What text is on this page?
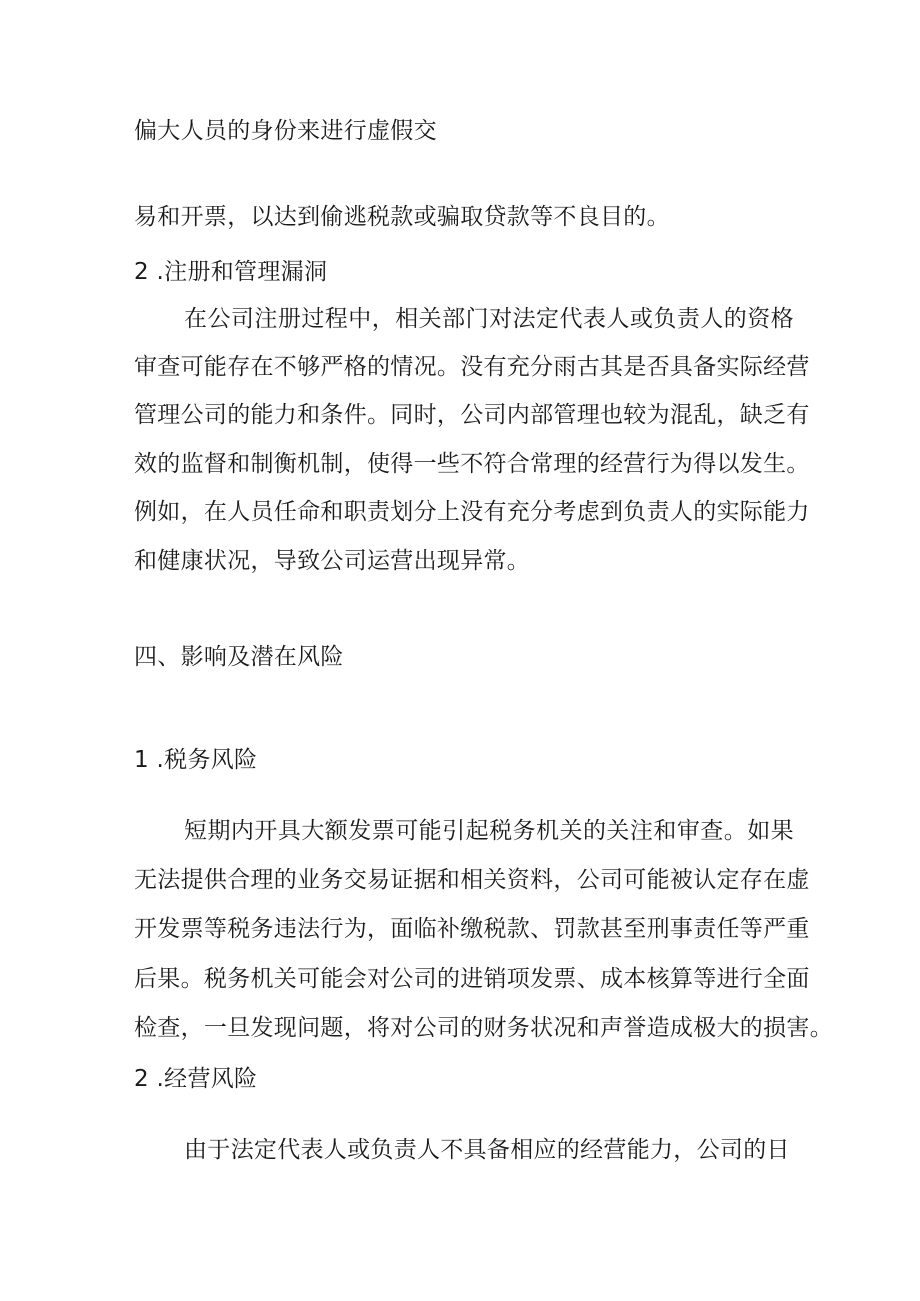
偏大人员的身份来进行虚假交
易和开票，以达到偷逃税款或骗取贷款等不良目的。
2 .注册和管理漏洞
在公司注册过程中，相关部门对法定代表人或负责人的资格
审查可能存在不够严格的情况。没有充分雨古其是否具备实际经营
管理公司的能力和条件。同时，公司内部管理也较为混乱，缺乏有
效的监督和制衡机制，使得一些不符合常理的经营行为得以发生。
例如，在人员任命和职责划分上没有充分考虑到负责人的实际能力
和健康状况，导致公司运营出现异常。
四、影响及潜在风险
1 .税务风险
短期内开具大额发票可能引起税务机关的关注和审查。如果
无法提供合理的业务交易证据和相关资料，公司可能被认定存在虚
开发票等税务违法行为，面临补缴税款、罚款甚至刑事责任等严重
后果。税务机关可能会对公司的进销项发票、成本核算等进行全面
检查，一旦发现问题，将对公司的财务状况和声誉造成极大的损害。
2 .经营风险
由于法定代表人或负责人不具备相应的经营能力，公司的日
